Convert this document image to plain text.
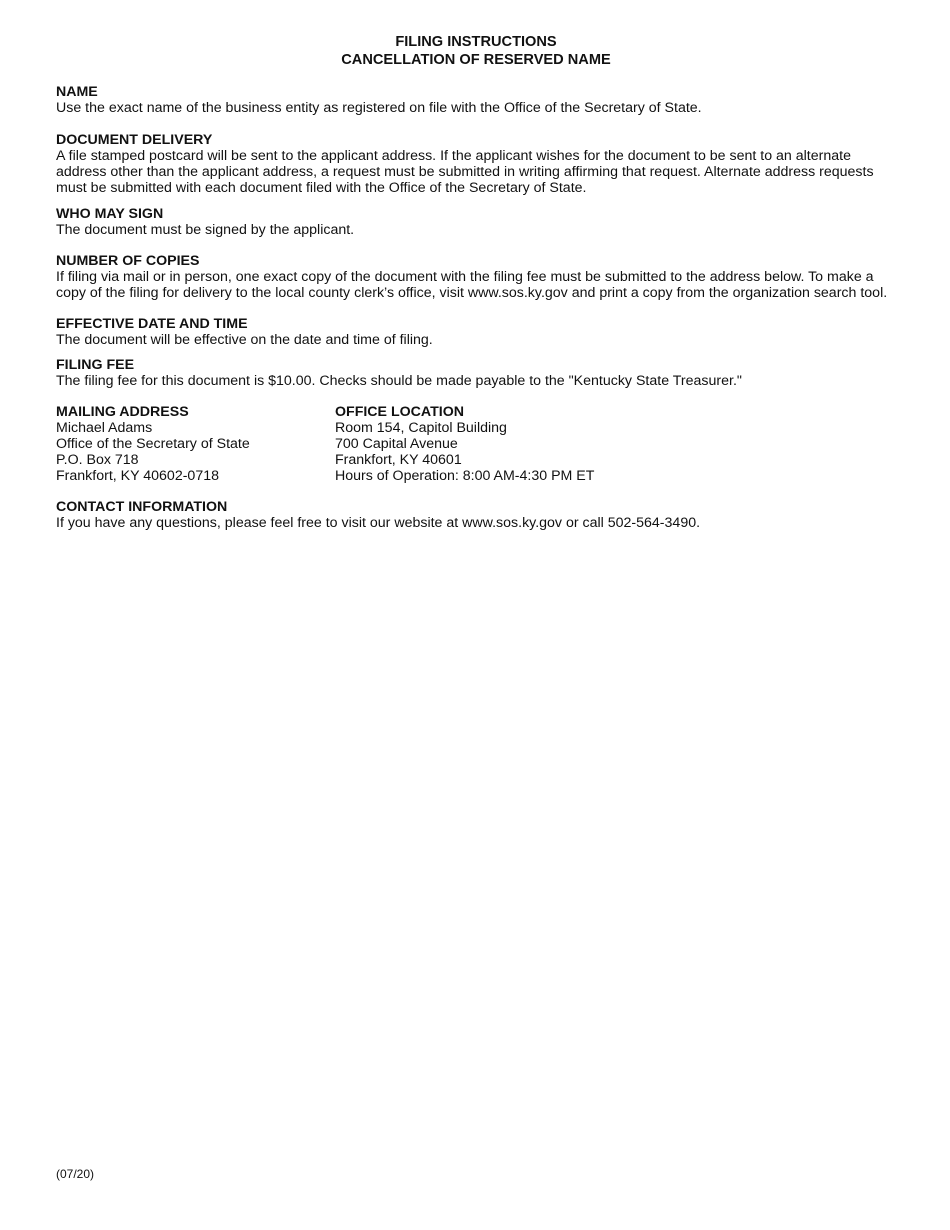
FILING INSTRUCTIONS
CANCELLATION OF RESERVED NAME
NAME
Use the exact name of the business entity as registered on file with the Office of the Secretary of State.
DOCUMENT DELIVERY
A file stamped postcard will be sent to the applicant address. If the applicant wishes for the document to be sent to an alternate
address other than the applicant address, a request must be submitted in writing affirming that request. Alternate address requests
must be submitted with each document filed with the Office of the Secretary of State.
WHO MAY SIGN
The document must be signed by the applicant.
NUMBER OF COPIES
If filing via mail or in person, one exact copy of the document with the filing fee must be submitted to the address below. To make a
copy of the filing for delivery to the local county clerk’s office, visit www.sos.ky.gov and print a copy from the organization search tool.
EFFECTIVE DATE AND TIME
The document will be effective on the date and time of filing.
FILING FEE
The filing fee for this document is $10.00. Checks should be made payable to the "Kentucky State Treasurer."
MAILING ADDRESS
Michael Adams
Office of the Secretary of State
P.O. Box 718
Frankfort, KY 40602-0718
OFFICE LOCATION
Room 154, Capitol Building
700 Capital Avenue
Frankfort, KY 40601
Hours of Operation: 8:00 AM-4:30 PM ET
CONTACT INFORMATION
If you have any questions, please feel free to visit our website at www.sos.ky.gov or call 502-564-3490.
(07/20)
